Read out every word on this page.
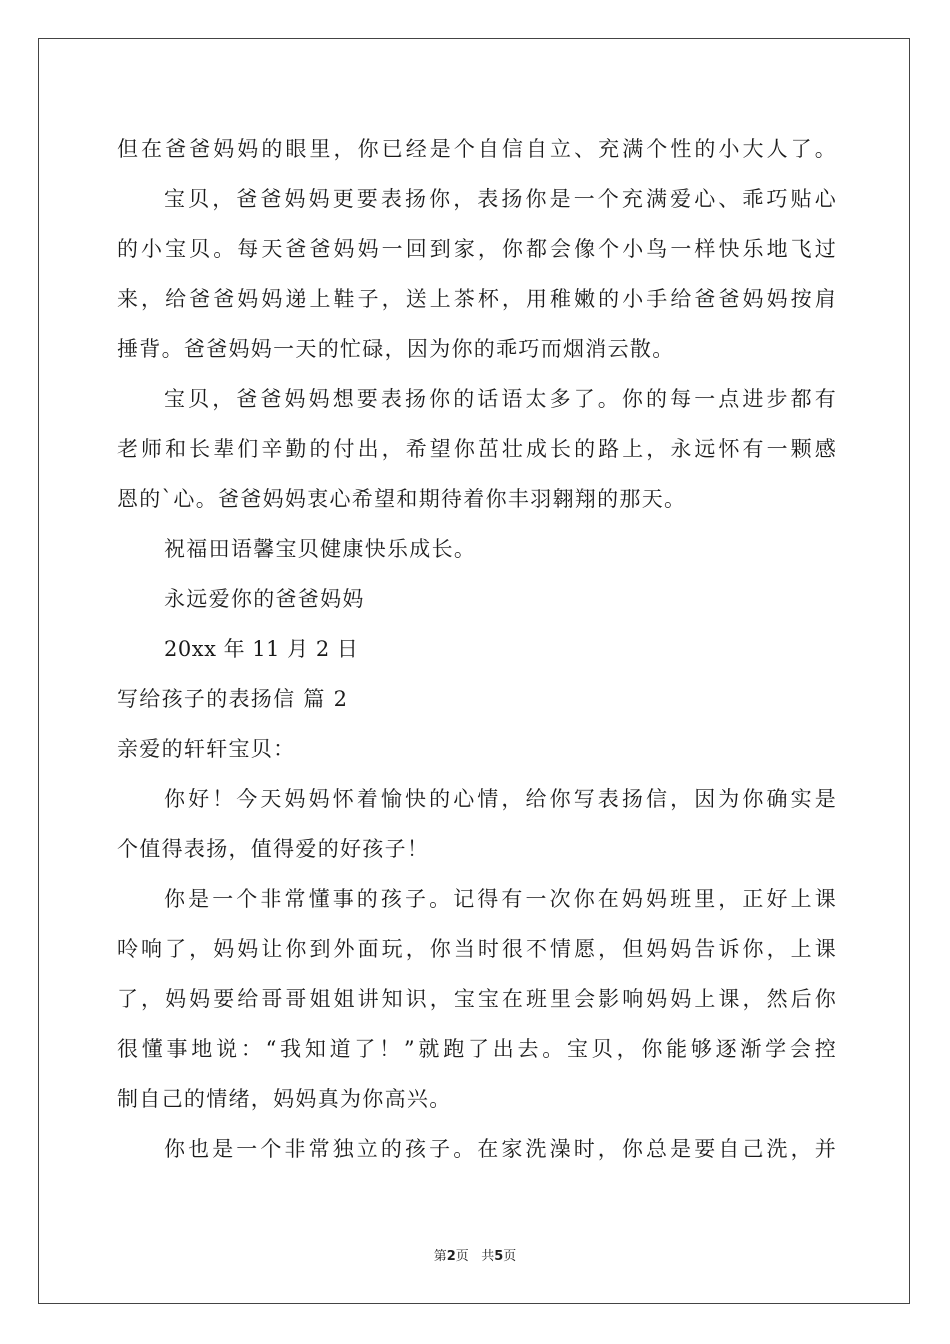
但在爸爸妈妈的眼里，你已经是个自信自立、充满个性的小大人了。
宝贝，爸爸妈妈更要表扬你，表扬你是一个充满爱心、乖巧贴心
的小宝贝。每天爸爸妈妈一回到家，你都会像个小鸟一样快乐地飞过
来，给爸爸妈妈递上鞋子，送上茶杯，用稚嫩的小手给爸爸妈妈按肩
捶背。爸爸妈妈一天的忙碌，因为你的乖巧而烟消云散。
宝贝，爸爸妈妈想要表扬你的话语太多了。你的每一点进步都有
老师和长辈们辛勤的付出，希望你茁壮成长的路上，永远怀有一颗感
恩的`心。爸爸妈妈衷心希望和期待着你丰羽翱翔的那天。
祝福田语馨宝贝健康快乐成长。
永远爱你的爸爸妈妈
20xx 年 11 月 2 日
写给孩子的表扬信 篇 2
亲爱的轩轩宝贝：
你好！今天妈妈怀着愉快的心情，给你写表扬信，因为你确实是
个值得表扬，值得爱的好孩子！
你是一个非常懂事的孩子。记得有一次你在妈妈班里，正好上课
呤响了，妈妈让你到外面玩，你当时很不情愿，但妈妈告诉你，上课
了，妈妈要给哥哥姐姐讲知识，宝宝在班里会影响妈妈上课，然后你
很懂事地说：“我知道了！”就跑了出去。宝贝，你能够逐渐学会控
制自己的情绪，妈妈真为你高兴。
你也是一个非常独立的孩子。在家洗澡时，你总是要自己洗，并
第2页   共5页
